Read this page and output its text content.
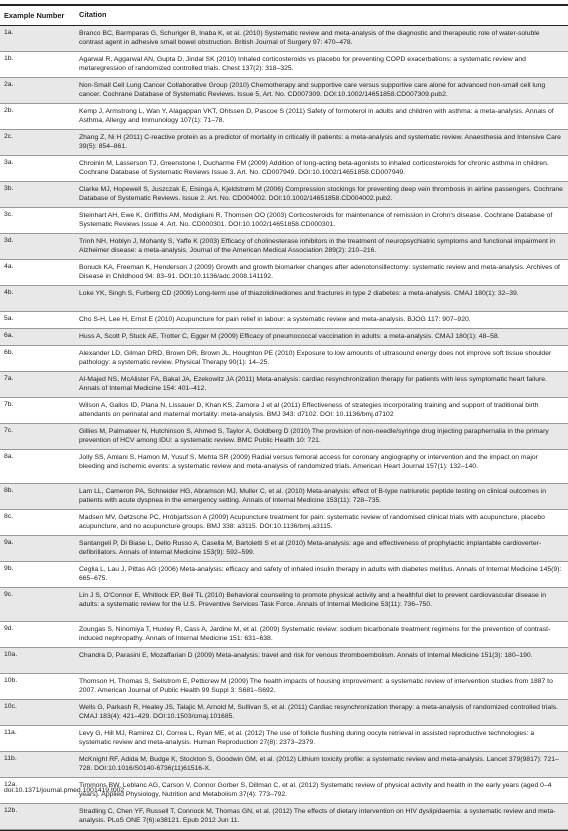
Example Number	Citation
1a.	Branco BC, Barmparas G, Schuriger B, Inaba K, et al. (2010) Systematic review and meta-analysis of the diagnostic and therapeutic role of water-soluble contrast agent in adhesive small bowel obstruction. British Journal of Surgery 97: 470–478.
1b.	Agarwal R, Aggarwal AN, Gupta D, Jindal SK (2010) Inhaled corticosteroids vs placebo for preventing COPD exacerbations: a systematic review and metaregression of randomized controlled trials. Chest 137(2): 318–325.
2a.	Non-Small Cell Lung Cancer Collaborative Group (2010) Chemotherapy and supportive care versus supportive care alone for advanced non-small cell lung cancer. Cochrane Database of Systematic Reviews. Issue 5, Art. No. CD007309. DOI:10.1002/14651858.CD007309.pub2.
2b.	Kemp J, Armstrong L, Wan Y, Alagappan VKT, Ohlssen D, Pascoe S (2011) Safety of formoterol in adults and children with asthma: a meta-analysis. Annals of Asthma, Allergy and Immunology 107(1): 71–78.
2c.	Zhang Z, Ni H (2011) C-reactive protein as a predictor of mortality in critically ill patients: a meta-analysis and systematic review. Anaesthesia and Intensive Care 39(5): 854–861.
3a.	Chroinin M, Lasserson TJ, Greenstone I, Ducharme FM (2009) Addition of long-acting beta-agonists to inhaled corticosteroids for chronic asthma in children. Cochrane Database of Systematic Reviews Issue 3. Art. No. CD007949. DOI:10.1002/14651858.CD007949.
3b.	Clarke MJ, Hopewell S, Juszczak E, Eisinga A, Kjeldstrøm M (2006) Compression stockings for preventing deep vein thrombosis in airline passengers. Cochrane Database of Systematic Reviews. Issue 2. Art. No. CD004002. DOI:10.1002/14651858.CD004002.pub2.
3c.	Steinhart AH, Ewe K, Griffiths AM, Modigliani R, Thomsen OO (2003) Corticosteroids for maintenance of remission in Crohn's disease. Cochrane Database of Systematic Reviews Issue 4. Art. No. CD000301. DOI:10.1002/14651858.CD000301.
3d.	Trinh NH, Hoblyn J, Mohanty S, Yaffe K (2003) Efficacy of cholinesterase inhibitors in the treatment of neuropsychiatric symptoms and functional impairment in Alzheimer disease: a meta-analysis. Journal of the American Medical Association 289(2): 210–216.
4a.	Bonuck KA, Freeman K, Henderson J (2009) Growth and growth biomarker changes after adenotonsillectomy: systematic review and meta-analysis. Archives of Disease in Childhood 94: 83–91. DOI:10.1136/adc.2008.141192.
4b.	Loke YK, Singh S, Furberg CD (2009) Long-term use of thiazolidinediones and fractures in type 2 diabetes: a meta-analysis. CMAJ 180(1): 32–39.
5a.	Cho S-H, Lee H, Ernst E (2010) Acupuncture for pain relief in labour: a systematic review and meta-analysis. BJOG 117: 907–920.
6a.	Huss A, Scott P, Stuck AE, Trotter C, Egger M (2009) Efficacy of pneumococcal vaccination in adults: a meta-analysis. CMAJ 180(1): 48–58.
6b.	Alexander LD, Gilman DRD, Brown DR, Brown JL, Houghton PE (2010) Exposure to low amounts of ultrasound energy does not improve soft tissue shoulder pathology: a systematic review. Physical Therapy 90(1): 14–25.
7a.	Al-Majed NS, McAlister FA, Bakal JA, Ezekowitz JA (2011) Meta-analysis: cardiac resynchronization therapy for patients with less symptomatic heart failure. Annals of Internal Medicine 154: 401–412.
7b.	Wilson A, Gallos ID, Plana N, Lissauer D, Khan KS, Zamora J et al (2011) Effectiveness of strategies incorporating training and support of traditional birth attendants on perinatal and maternal mortality: meta-analysis. BMJ 343: d7102. DOI: 10.1136/bmj.d7102
7c.	Gillies M, Palmateer N, Hutchinson S, Ahmed S, Taylor A, Goldberg D (2010) The provision of non-needle/syringe drug injecting paraphernalia in the primary prevention of HCV among IDU: a systematic review. BMC Public Health 10: 721.
8a.	Jolly SS, Amlani S, Hamon M, Yusuf S, Mehta SR (2009) Radial versus femoral access for coronary angiography or intervention and the impact on major bleeding and ischemic events: a systematic review and meta-analysis of randomized trials. American Heart Journal 157(1): 132–140.
8b.	Lam LL, Cameron PA, Schneider HG, Abramson MJ, Muller C, et al. (2010) Meta-analysis: effect of B-type natriuretic peptide testing on clinical outcomes in patients with acute dyspnea in the emergency setting. Annals of Internal Medicine 153(11): 728–735.
8c.	Madsen MV, Gøtzsche PC, Hróbjartsson A (2009) Acupuncture treatment for pain: systematic review of randomised clinical trials with acupuncture, placebo acupuncture, and no acupuncture groups. BMJ 338: a3115. DOI:10.1136/bmj.a3115.
9a.	Santangeli P, Di Biase L, Dello Russo A, Casella M, Bartoletti S et al (2010) Meta-analysis: age and effectiveness of prophylactic implantable cardioverter-defibrillators. Annals of Internal Medicine 153(9): 592–599.
9b.	Ceglia L, Lau J, Pittas AG (2006) Meta-analysis: efficacy and safety of inhaled insulin therapy in adults with diabetes mellitus. Annals of Internal Medicine 145(9): 665–675.
9c.	Lin J S, O'Connor E, Whitlock EP, Beil TL (2010) Behavioral counseling to promote physical activity and a healthful diet to prevent cardiovascular disease in adults: a systematic review for the U.S. Preventive Services Task Force. Annals of Internal Medicine 53(11): 736–750.
9d.	Zoungas S, Ninomiya T, Huxley R, Cass A, Jardine M, et al. (2009) Systematic review: sodium bicarbonate treatment regimens for the prevention of contrast-induced nephropathy. Annals of Internal Medicine 151: 631–638.
10a.	Chandra D, Parasini E, Mozaffarian D (2009) Meta-analysis: travel and risk for venous thromboembolism. Annals of Internal Medicine 151(3): 180–190.
10b.	Thomson H, Thomas S, Sellstrom E, Petticrew M (2009) The health impacts of housing improvement: a systematic review of intervention studies from 1887 to 2007. American Journal of Public Health 99 Suppl 3: S681–S692.
10c.	Wells G, Parkash R, Healey JS, Talajic M, Arnold M, Sullivan S, et al. (2011) Cardiac resynchronization therapy: a meta-analysis of randomized controlled trials. CMAJ 183(4): 421–429. DOI:10.1503/cmaj.101685.
11a.	Levy G, Hill MJ, Ramirez CI, Correa L, Ryan ME, et al. (2012) The use of follicle flushing during oocyte retrieval in assisted reproductive technologies: a systematic review and meta-analysis. Human Reproduction 27(8): 2373–2379.
11b.	McKnight RF, Adida M, Budge K, Stockton S, Goodwin GM, et al. (2012) Lithium toxicity profile: a systematic review and meta-analysis. Lancet 379(9817): 721–728. DOI:10.1016/S0140-6736(11)61516-X.
12a.	Timmons BW, Leblanc AG, Carson V, Connor Gorber S, Dillman C, et al. (2012) Systematic review of physical activity and health in the early years (aged 0–4 years). Applied Physiology, Nutrition and Metabolism 37(4): 773–792.
12b.	Stradling C, Chen YF, Russell T, Connock M, Thomas GN, et al. (2012) The effects of dietary intervention on HIV dyslipidaemia: a systematic review and meta-analysis. PLoS ONE 7(6):e38121. Epub 2012 Jun 11.
doi:10.1371/journal.pmed.1001419.t002
